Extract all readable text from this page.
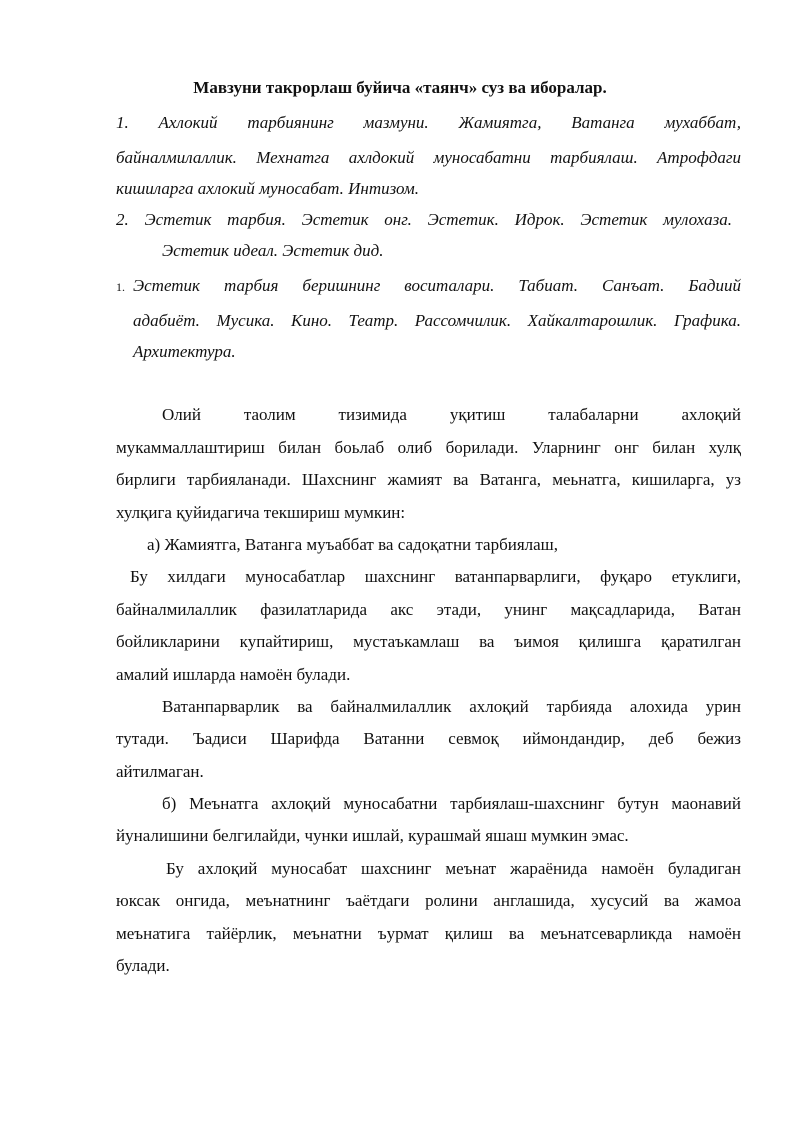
Мавзуни такрорлаш буйича «таянч» суз ва иборалар.
1. Ахлокий тарбиянинг мазмуни. Жамиятга, Ватанга мухаббат,
байналмилаллик. Мехнатга ахлдокий муносабатни тарбиялаш. Атрофдаги
кишиларга ахлокий муносабат. Интизом.
2. Эстетик тарбия. Эстетик онг. Эстетик. Идрок. Эстетик мулохаза.
Эстетик идеал. Эстетик дид.
1. Эстетик тарбия беришнинг воситалари. Табиат. Санъат. Бадиий
адабиёт. Мусика. Кино. Театр. Рассомчилик. Хайкалтарошлик. Графика.
Архитектура.
Олий таолим тизимида уқитиш талабаларни ахлоқий
мукаммаллаштириш билан боьлаб олиб борилади. Уларнинг онг билан хулқ
бирлиги тарбияланади. Шахснинг жамият ва Ватанга, меьнатга, кишиларга, уз
хулқига қуйидагича текшириш мумкин:
а) Жамиятга, Ватанга муъаббат ва садоқатни тарбиялаш,
Бу хилдаги муносабатлар шахснинг ватанпарварлиги, фуқаро етуклиги,
байналмилаллик фазилатларида акс этади, унинг мақсадларида, Ватан
бойликларини купайтириш, мустаъкамлаш ва ъимоя қилишга қаратилган
амалий ишларда намоён булади.
Ватанпарварлик ва байналмилаллик ахлоқий тарбияда алохида урин
тутади. Ъадиси Шарифда Ватанни севмоқ иймондандир, деб бежиз
айтилмаган.
б) Меънатга ахлоқий муносабатни тарбиялаш-шахснинг бутун маонавий
йуналишини белгилайди, чунки ишлай, курашмай яшаш мумкин эмас.
Бу ахлоқий муносабат шахснинг меънат жараёнида намоён буладиган
юксак онгида, меънатнинг ъаётдаги ролини англашида, хусусий ва жамоа
меънатига тайёрлик, меънатни ъурмат қилиш ва меънатсеварликда намоён
булади.
